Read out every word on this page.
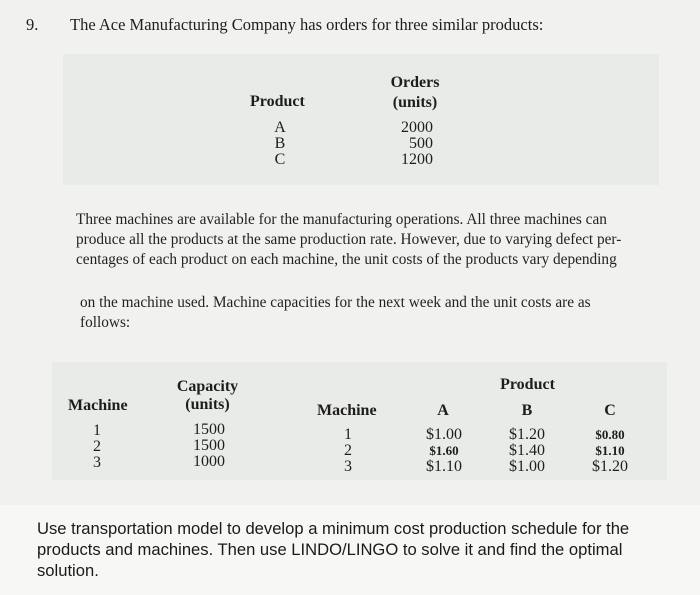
9. The Ace Manufacturing Company has orders for three similar products:
Product
Orders
(units)
A
B
C
2000
500
1200
Three machines are available for the manufacturing operations. All three machines can
produce all the products at the same production rate. However, due to varying defect per-
centages of each product on each machine, the unit costs of the products vary depending
on the machine used. Machine capacities for the next week and the unit costs are as
follows:
Machine
Capacity
(units)
1
2
3
1500
1500
1000
Machine
Product
A	B	C
1
2
3
$1.00
$1.60
$1.10
$1.20
$1.40
$1.00
$0.80
$1.10
$1.20
Use transportation model to develop a minimum cost production schedule for the
products and machines. Then use LINDO/LINGO to solve it and find the optimal
solution.
